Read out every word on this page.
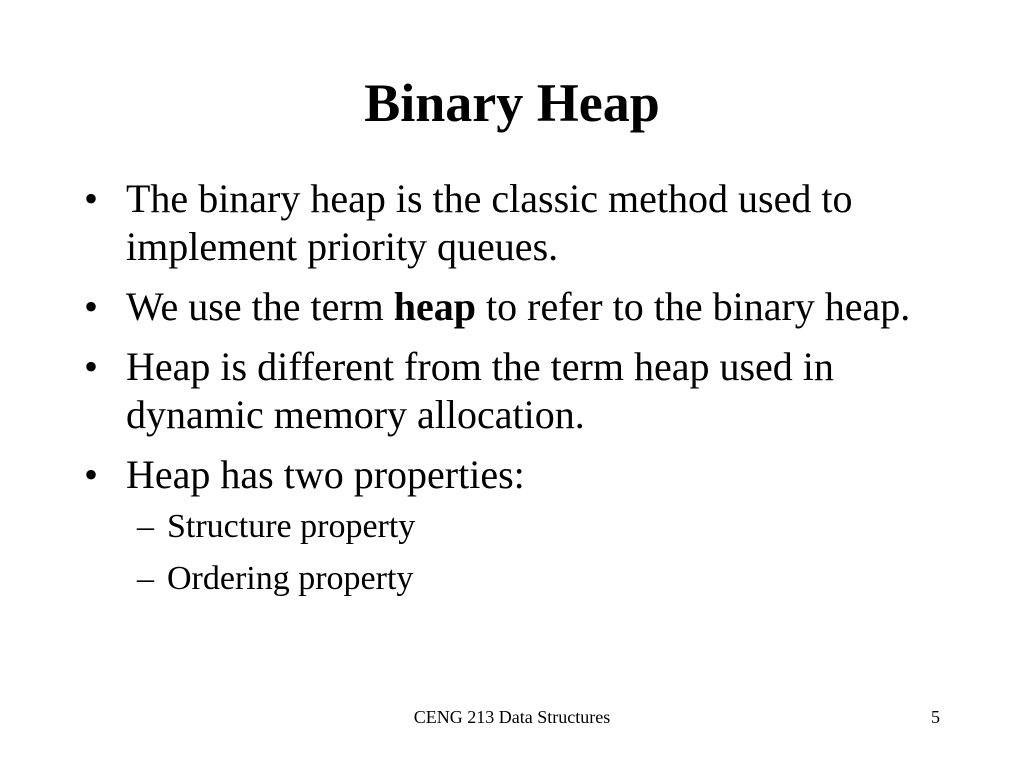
Binary Heap
• The binary heap is the classic method used to implement priority queues.
• We use the term heap to refer to the binary heap.
• Heap is different from the term heap used in dynamic memory allocation.
• Heap has two properties:
– Structure property
– Ordering property
CENG 213 Data Structures	5
